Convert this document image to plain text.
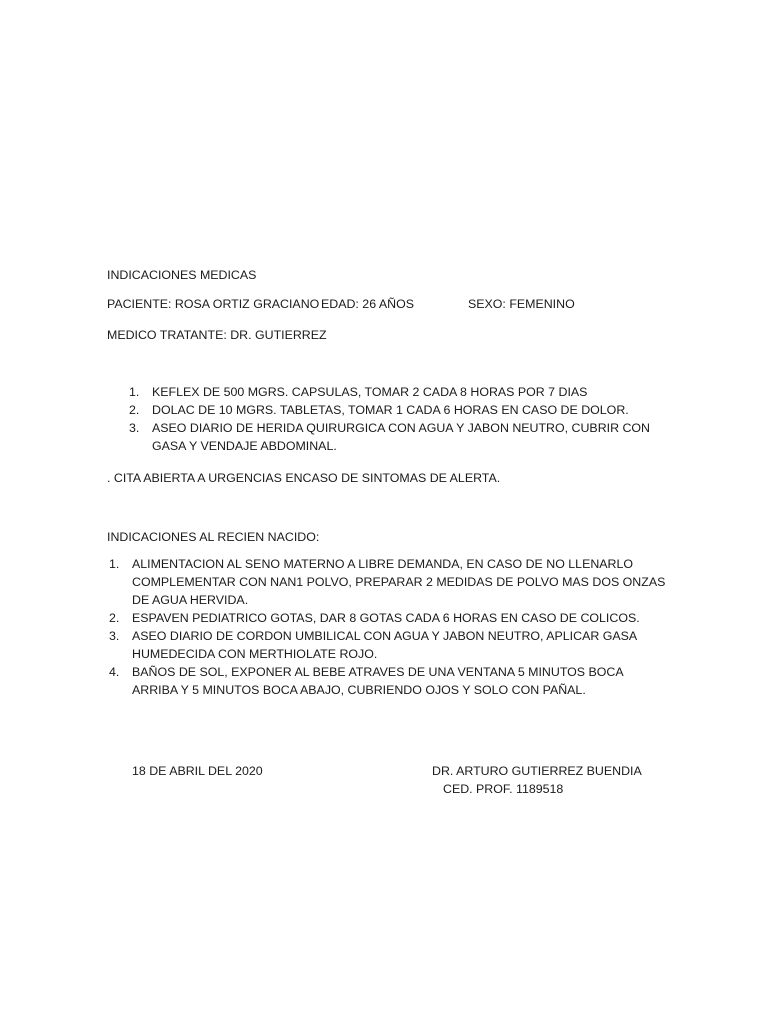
INDICACIONES MEDICAS
PACIENTE: ROSA ORTIZ GRACIANO EDAD: 26 AÑOS	SEXO: FEMENINO
MEDICO TRATANTE: DR. GUTIERREZ
1.	KEFLEX DE 500 MGRS. CAPSULAS, TOMAR 2 CADA 8 HORAS POR 7 DIAS
2.	DOLAC DE 10 MGRS. TABLETAS, TOMAR 1 CADA 6 HORAS EN CASO DE DOLOR.
3.	ASEO DIARIO DE HERIDA QUIRURGICA CON AGUA Y JABON NEUTRO, CUBRIR CON GASA Y VENDAJE ABDOMINAL.
. CITA ABIERTA A URGENCIAS ENCASO DE SINTOMAS DE ALERTA.
INDICACIONES AL RECIEN NACIDO:
1.	ALIMENTACION AL SENO MATERNO A LIBRE DEMANDA, EN CASO DE NO LLENARLO COMPLEMENTAR CON NAN1 POLVO, PREPARAR 2 MEDIDAS DE POLVO MAS DOS ONZAS DE AGUA HERVIDA.
2.	ESPAVEN PEDIATRICO GOTAS, DAR 8 GOTAS CADA 6 HORAS EN CASO DE COLICOS.
3.	ASEO DIARIO DE CORDON UMBILICAL CON AGUA Y JABON NEUTRO, APLICAR GASA HUMEDECIDA CON MERTHIOLATE ROJO.
4.	BAÑOS DE SOL, EXPONER AL BEBE ATRAVES DE UNA VENTANA 5 MINUTOS BOCA ARRIBA Y 5 MINUTOS BOCA ABAJO, CUBRIENDO OJOS Y SOLO CON PAÑAL.
18 DE ABRIL DEL 2020	DR. ARTURO GUTIERREZ BUENDIA
CED. PROF. 1189518
